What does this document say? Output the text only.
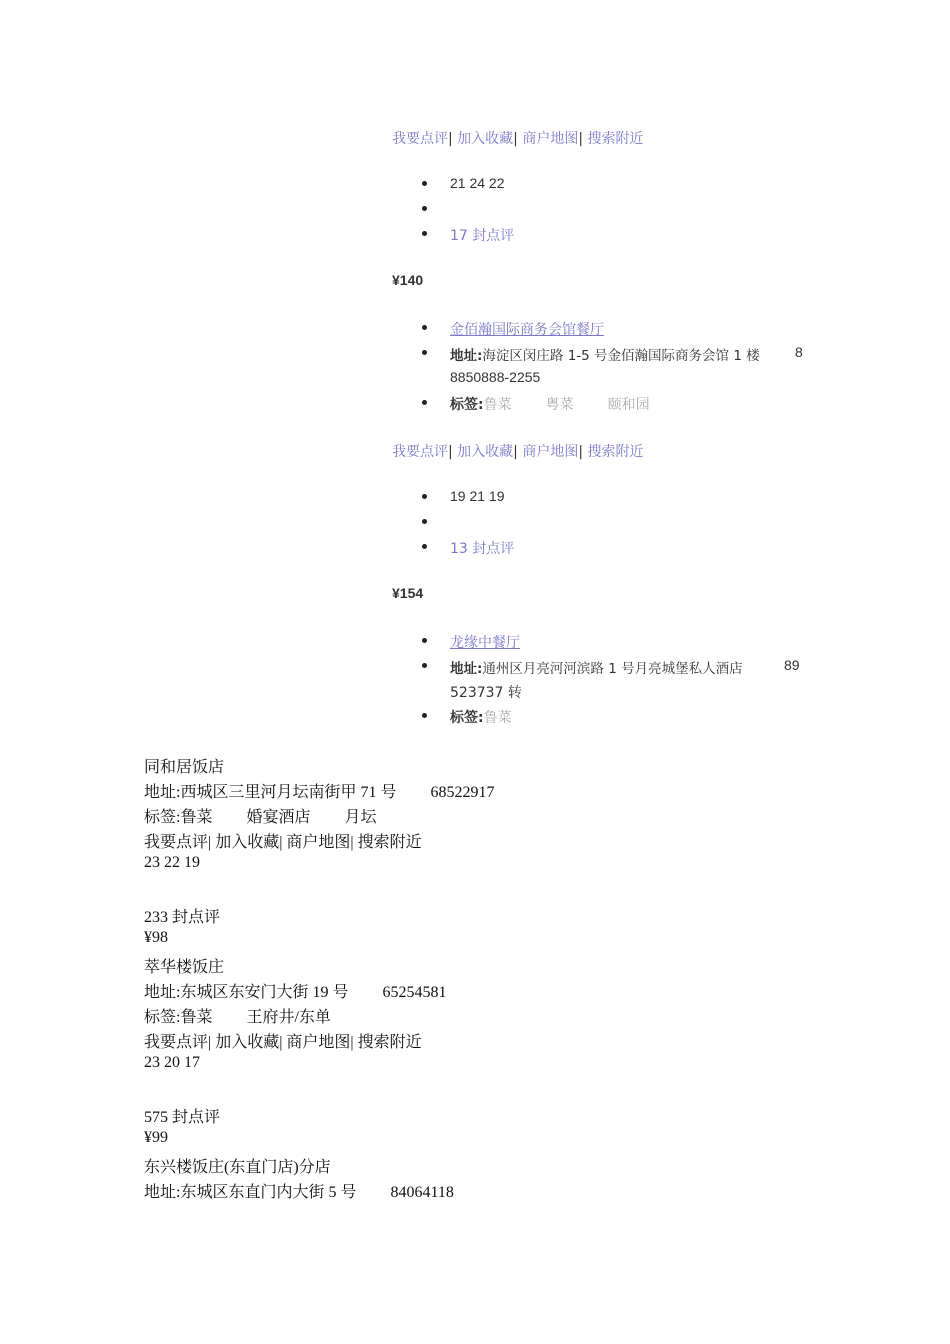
我要点评| 加入收藏| 商户地图| 搜索附近
21 24 22
17 封点评
¥140
金佰瀚国际商务会馆餐厅
地址:海淀区闵庄路 1-5 号金佰瀚国际商务会馆 1 楼	8
8850888-2255
标签:鲁菜 粤菜 颐和园
我要点评| 加入收藏| 商户地图| 搜索附近
19 21 19
13 封点评
¥154
龙缘中餐厅
地址:通州区月亮河河滨路 1 号月亮城堡私人酒店	89
523737 转
标签:鲁菜
同和居饭店
地址:西城区三里河月坛南街甲 71 号 68522917
标签:鲁菜 婚宴酒店 月坛
我要点评| 加入收藏| 商户地图| 搜索附近
23 22 19
233 封点评
¥98
萃华楼饭庄
地址:东城区东安门大街 19 号 65254581
标签:鲁菜 王府井/东单
我要点评| 加入收藏| 商户地图| 搜索附近
23 20 17
575 封点评
¥99
东兴楼饭庄(东直门店)分店
地址:东城区东直门内大街 5 号 84064118
